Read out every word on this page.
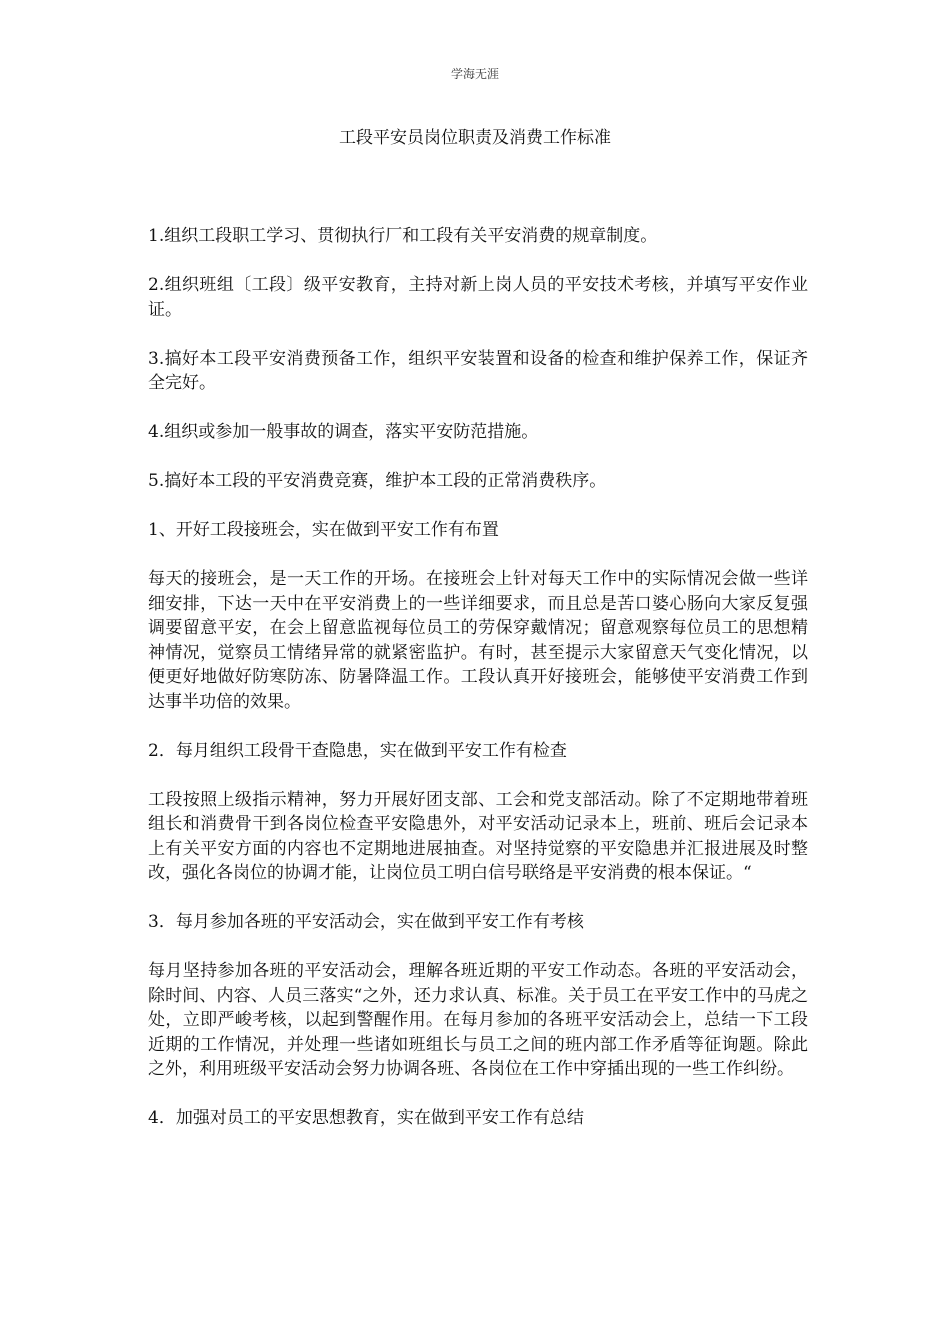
学海无涯
工段平安员岗位职责及消费工作标准

1.组织工段职工学习、贯彻执行厂和工段有关平安消费的规章制度。

2.组织班组〔工段〕级平安教育，主持对新上岗人员的平安技术考核，并填写平安作业证。

3.搞好本工段平安消费预备工作，组织平安装置和设备的检查和维护保养工作，保证齐全完好。

4.组织或参加一般事故的调查，落实平安防范措施。

5.搞好本工段的平安消费竞赛，维护本工段的正常消费秩序。

1、开好工段接班会，实在做到平安工作有布置

每天的接班会，是一天工作的开场。在接班会上针对每天工作中的实际情况会做一些详细安排，下达一天中在平安消费上的一些详细要求，而且总是苦口婆心肠向大家反复强调要留意平安，在会上留意监视每位员工的劳保穿戴情况；留意观察每位员工的思想精神情况，觉察员工情绪异常的就紧密监护。有时，甚至提示大家留意天气变化情况，以便更好地做好防寒防冻、防暑降温工作。工段认真开好接班会，能够使平安消费工作到达事半功倍的效果。

2．每月组织工段骨干查隐患，实在做到平安工作有检查

工段按照上级指示精神，努力开展好团支部、工会和党支部活动。除了不定期地带着班组长和消费骨干到各岗位检查平安隐患外，对平安活动记录本上，班前、班后会记录本上有关平安方面的内容也不定期地进展抽查。对坚持觉察的平安隐患并汇报进展及时整改，强化各岗位的协调才能，让岗位员工明白信号联络是平安消费的根本保证。“

3．每月参加各班的平安活动会，实在做到平安工作有考核

每月坚持参加各班的平安活动会，理解各班近期的平安工作动态。各班的平安活动会，除时间、内容、人员三落实“之外，还力求认真、标准。关于员工在平安工作中的马虎之处，立即严峻考核，以起到警醒作用。在每月参加的各班平安活动会上，总结一下工段近期的工作情况，并处理一些诸如班组长与员工之间的班内部工作矛盾等征询题。除此之外，利用班级平安活动会努力协调各班、各岗位在工作中穿插出现的一些工作纠纷。

4．加强对员工的平安思想教育，实在做到平安工作有总结
